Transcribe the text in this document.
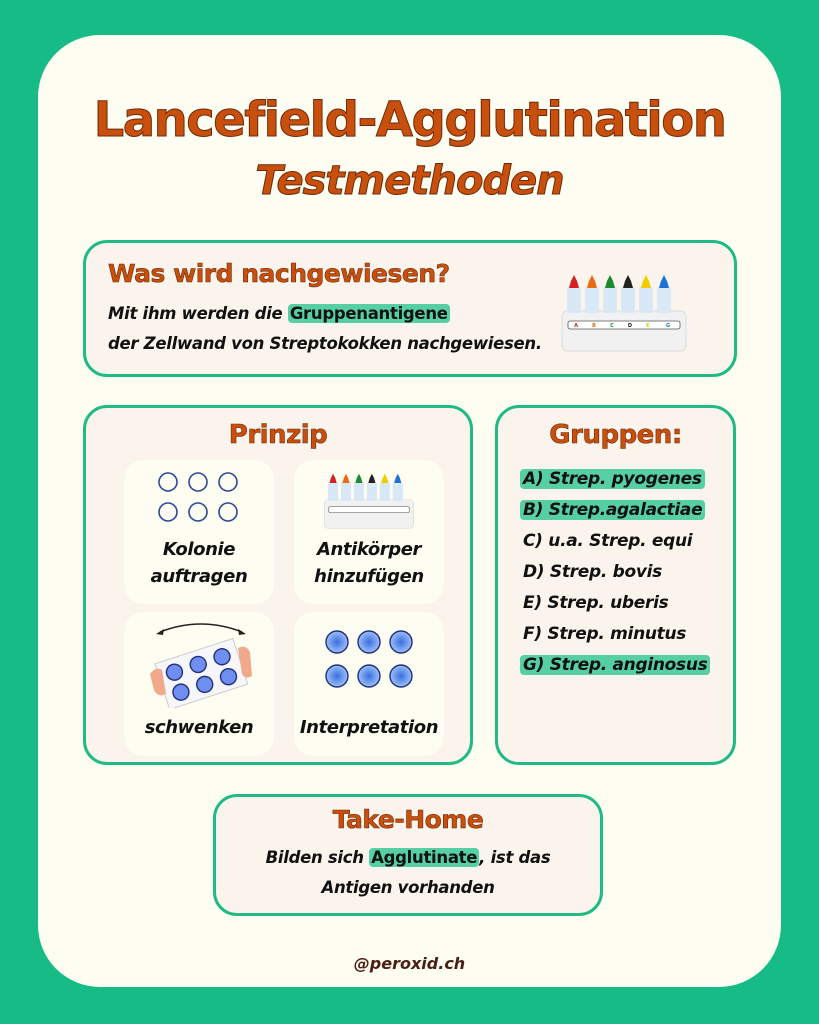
Lancefield-Agglutination
Testmethoden
Was wird nachgewiesen?
Mit ihm werden die Gruppenantigene
der Zellwand von Streptokokken nachgewiesen.
A	B	C	D	E	G
Prinzip
Kolonie
auftragen
Antikörper
hinzufügen
schwenken	Interpretation
Gruppen:
A) Strep. pyogenes
B) Strep.agalactiae
C) u.a. Strep. equi
D) Strep. bovis
E) Strep. uberis
F) Strep. minutus
G) Strep. anginosus
Take-Home
Bilden sich Agglutinate , ist das
Antigen vorhanden
@peroxid.ch
